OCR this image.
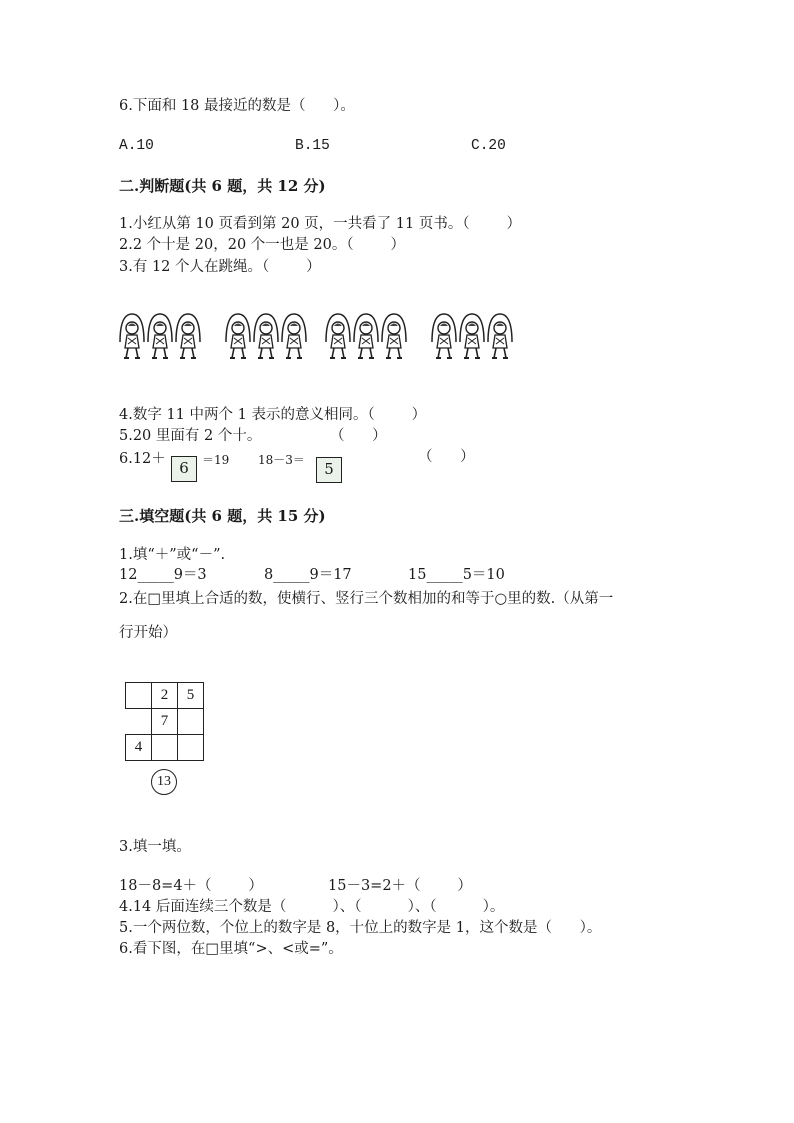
6.下面和 18 最接近的数是（      ）。
A.10	B.15	C.20
二.判断题(共 6 题，共 12 分)
1.小红从第 10 页看到第 20 页，一共看了 11 页书。（        ）
2.2 个十是 20，20 个一也是 20。（        ）
3.有 12 个人在跳绳。（        ）
4.数字 11 中两个 1 表示的意义相同。（        ）
5.20 里面有 2 个十。	（      ）
6.12＋ 6	＝19 18－3＝	5
（      ）
三.填空题(共 6 题，共 15 分)
1.填“＋”或“－”.
12_____9＝3	8_____9＝17	15_____5＝10
2.在□里填上合适的数，使横行、竖行三个数相加的和等于○里的数.（从第一
行开始）
	2	5
	7	
4		
13
3.填一填。
18－8=4＋（        ）	15－3=2＋（        ）
4.14 后面连续三个数是（          ）、（          ）、（          ）。
5.一个两位数，个位上的数字是 8，十位上的数字是 1，这个数是（      ）。
6.看下图，在□里填“>、<或=”。
